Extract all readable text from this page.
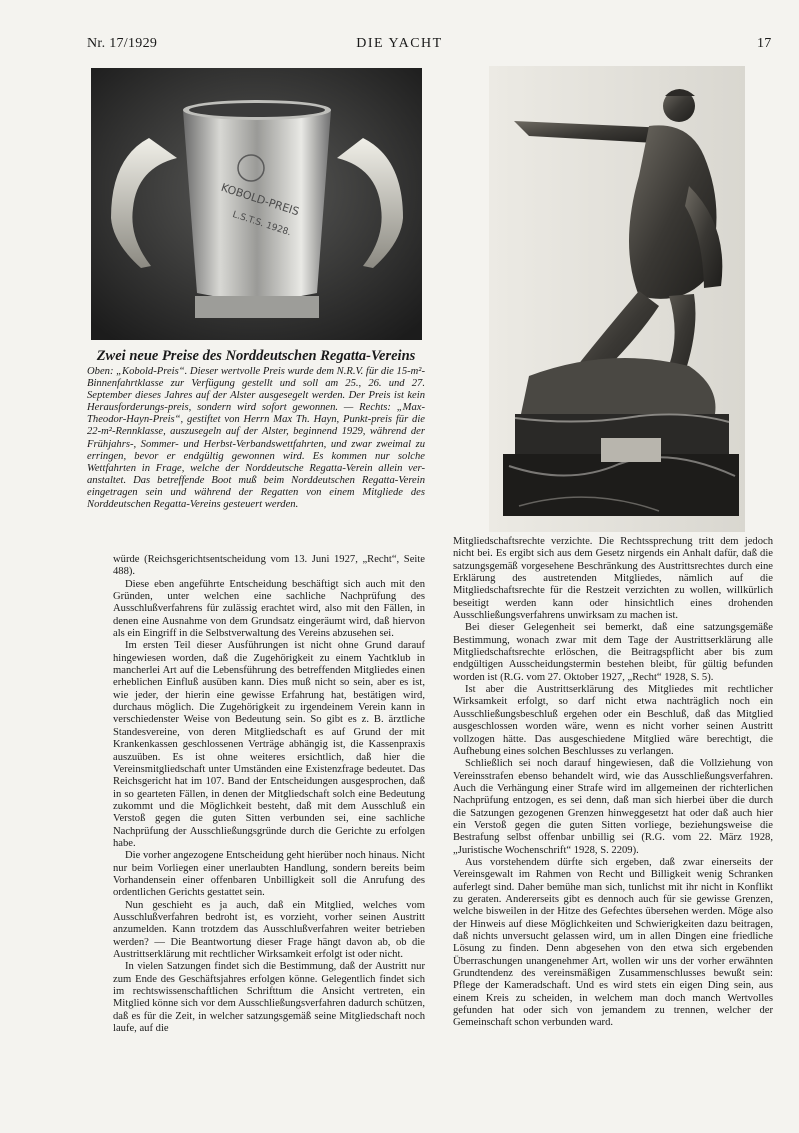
Nr. 17/1929	DIE YACHT	17
KOBOLD-PREIS
L.S.T.S. 1928.
Zwei neue Preise des Norddeutschen Regatta-Vereins

Oben: „Kobold-Preis“. Dieser wertvolle Preis wurde dem N.R.V. für die 15-m²-Binnenfahrtklasse zur Verfügung gestellt und soll am 25., 26. und 27. September dieses Jahres auf der Alster ausgesegelt werden. Der Preis ist kein Herausforderungs-preis, sondern wird sofort gewonnen. — Rechts: „Max-Theodor-Hayn-Preis“, gestiftet von Herrn Max Th. Hayn, Punkt-preis für die 22-m²-Rennklasse, auszusegeln auf der Alster, beginnend 1929, während der Frühjahrs-, Sommer- und Herbst-Verbandswettfahrten, und zwar zweimal zu erringen, bevor er endgültig gewonnen wird. Es kommen nur solche Wettfahrten in Frage, welche der Norddeutsche Regatta-Verein allein ver-anstaltet. Das betreffende Boot muß beim Norddeutschen Regatta-Verein eingetragen sein und während der Regatten von einem Mitgliede des Norddeutschen Regatta-Vereins gesteuert werden.

würde (Reichsgerichtsentscheidung vom 13. Juni 1927, „Recht“, Seite 488).

Diese eben angeführte Entscheidung beschäftigt sich auch mit den Gründen, unter welchen eine sachliche Nachprüfung des Ausschlußverfahrens für zulässig erachtet wird, also mit den Fällen, in denen eine Ausnahme von dem Grundsatz eingeräumt wird, daß hiervon als ein Eingriff in die Selbstverwaltung des Vereins abzusehen sei.

Im ersten Teil dieser Ausführungen ist nicht ohne Grund darauf hingewiesen worden, daß die Zugehörigkeit zu einem Yachtklub in mancherlei Art auf die Lebensführung des betreffenden Mitgliedes einen erheblichen Einfluß ausüben kann. Dies muß nicht so sein, aber es ist, wie jeder, der hierin eine gewisse Erfahrung hat, bestätigen wird, durchaus möglich. Die Zugehörigkeit zu irgendeinem Verein kann in verschiedenster Weise von Bedeutung sein. So gibt es z. B. ärztliche Standesvereine, von deren Mitgliedschaft es auf Grund der mit Krankenkassen geschlossenen Verträge abhängig ist, die Kassenpraxis auszuüben. Es ist ohne weiteres ersichtlich, daß hier die Vereinsmitgliedschaft unter Umständen eine Existenzfrage bedeutet. Das Reichsgericht hat im 107. Band der Entscheidungen ausgesprochen, daß in so gearteten Fällen, in denen der Mitgliedschaft solch eine Bedeutung zukommt und die Möglichkeit besteht, daß mit dem Ausschluß ein Verstoß gegen die guten Sitten verbunden sei, eine sachliche Nachprüfung der Ausschließungsgründe durch die Gerichte zu erfolgen habe.

Die vorher angezogene Entscheidung geht hierüber noch hinaus. Nicht nur beim Vorliegen einer unerlaubten Handlung, sondern bereits beim Vorhandensein einer offenbaren Unbilligkeit soll die Anrufung des ordentlichen Gerichts gestattet sein.

Nun geschieht es ja auch, daß ein Mitglied, welches vom Ausschlußverfahren bedroht ist, es vorzieht, vorher seinen Austritt anzumelden. Kann trotzdem das Ausschlußverfahren weiter betrieben werden? — Die Beantwortung dieser Frage hängt davon ab, ob die Austrittserklärung mit rechtlicher Wirksamkeit erfolgt ist oder nicht.

In vielen Satzungen findet sich die Bestimmung, daß der Austritt nur zum Ende des Geschäftsjahres erfolgen könne. Gelegentlich findet sich im rechtswissenschaftlichen Schrifttum die Ansicht vertreten, ein Mitglied könne sich vor dem Ausschließungsverfahren dadurch schützen, daß es für die Zeit, in welcher satzungsgemäß seine Mitgliedschaft noch laufe, auf die

Mitgliedschaftsrechte verzichte. Die Rechtssprechung tritt dem jedoch nicht bei. Es ergibt sich aus dem Gesetz nirgends ein Anhalt dafür, daß die satzungsgemäß vorgesehene Beschränkung des Austrittsrechtes durch eine Erklärung des austretenden Mitgliedes, nämlich auf die Mitgliedschaftsrechte für die Restzeit verzichten zu wollen, willkürlich beseitigt werden kann oder hinsichtlich eines drohenden Ausschließungsverfahrens unwirksam zu machen ist.

Bei dieser Gelegenheit sei bemerkt, daß eine satzungsgemäße Bestimmung, wonach zwar mit dem Tage der Austrittserklärung alle Mitgliedschaftsrechte erlöschen, die Beitragspflicht aber bis zum endgültigen Ausscheidungstermin bestehen bleibt, für gültig befunden worden ist (R.G. vom 27. Oktober 1927, „Recht“ 1928, S. 5).

Ist aber die Austrittserklärung des Mitgliedes mit rechtlicher Wirksamkeit erfolgt, so darf nicht etwa nachträglich noch ein Ausschließungsbeschluß ergehen oder ein Beschluß, daß das Mitglied ausgeschlossen worden wäre, wenn es nicht vorher seinen Austritt vollzogen hätte. Das ausgeschiedene Mitglied wäre berechtigt, die Aufhebung eines solchen Beschlusses zu verlangen.

Schließlich sei noch darauf hingewiesen, daß die Vollziehung von Vereinsstrafen ebenso behandelt wird, wie das Ausschließungsverfahren. Auch die Verhängung einer Strafe wird im allgemeinen der richterlichen Nachprüfung entzogen, es sei denn, daß man sich hierbei über die durch die Satzungen gezogenen Grenzen hinweggesetzt hat oder daß auch hier ein Verstoß gegen die guten Sitten vorliege, beziehungsweise die Bestrafung selbst offenbar unbillig sei (R.G. vom 22. März 1928, „Juristische Wochenschrift“ 1928, S. 2209).

Aus vorstehendem dürfte sich ergeben, daß zwar einerseits der Vereinsgewalt im Rahmen von Recht und Billigkeit wenig Schranken auferlegt sind. Daher bemühe man sich, tunlichst mit ihr nicht in Konflikt zu geraten. Andererseits gibt es dennoch auch für sie gewisse Grenzen, welche bisweilen in der Hitze des Gefechtes übersehen werden. Möge also der Hinweis auf diese Möglichkeiten und Schwierigkeiten dazu beitragen, daß nichts unversucht gelassen wird, um in allen Dingen eine friedliche Lösung zu finden. Denn abgesehen von den etwa sich ergebenden Überraschungen unangenehmer Art, wollen wir uns der vorher erwähnten Grundtendenz des vereinsmäßigen Zusammenschlusses bewußt sein: Pflege der Kameradschaft. Und es wird stets ein eigen Ding sein, aus einem Kreis zu scheiden, in welchem man doch manch Wertvolles gefunden hat oder sich von jemandem zu trennen, welcher der Gemeinschaft schon verbunden ward.
